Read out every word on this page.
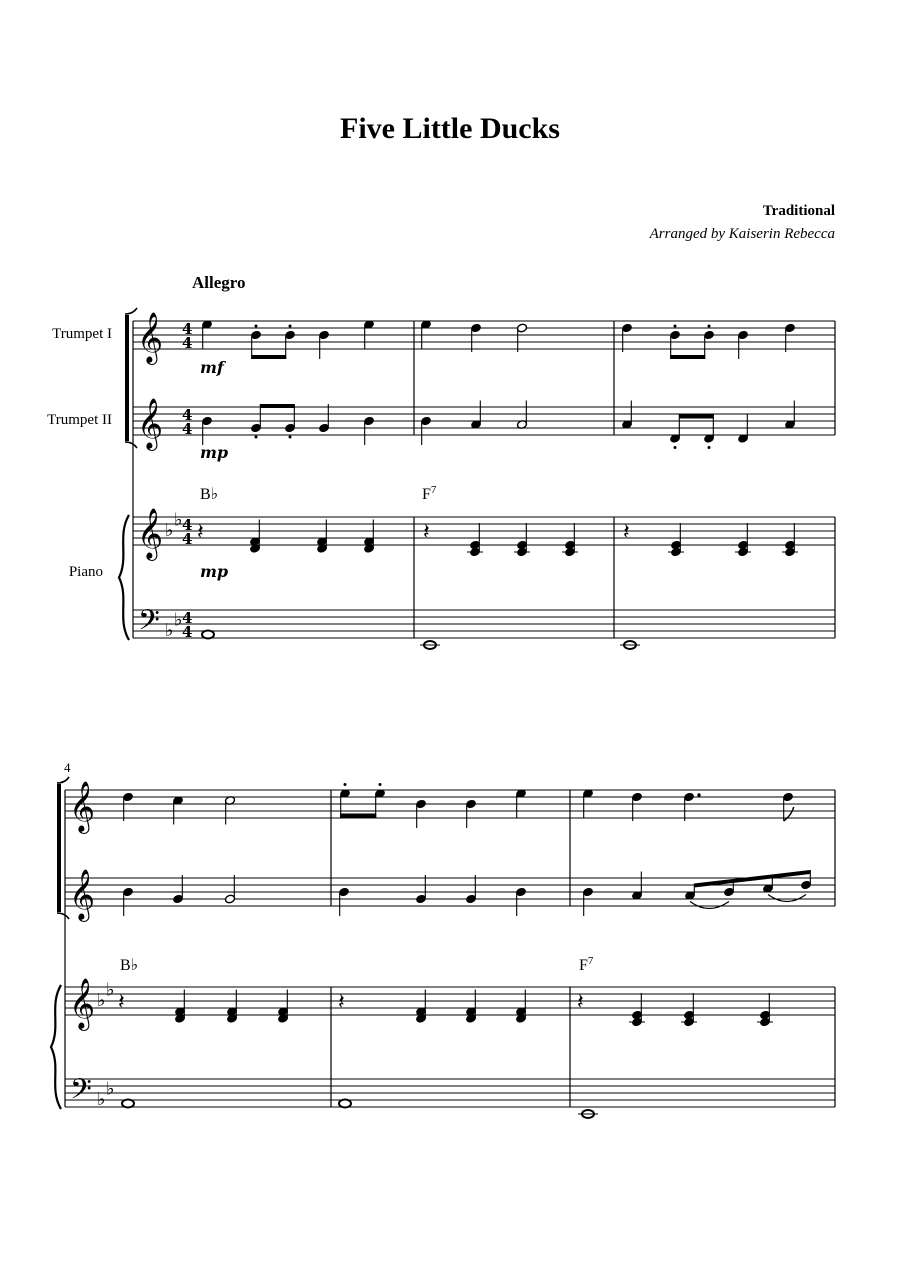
Five Little Ducks
Traditional
Arranged by Kaiserin Rebecca
Allegro
Trumpet I
Trumpet II
Piano
mf
mp
mp
B♭	$F^7$
B♭	$F^7$
4
𝄞
𝄞
𝄞
𝄢
4
4
4
4
♭ ♭
♭ ♭
4
4
4
4
𝄽	𝄽	𝄽
𝄞
𝄞
𝄞
𝄢
♭ ♭
♭ ♭
𝄽	𝄽	𝄽
